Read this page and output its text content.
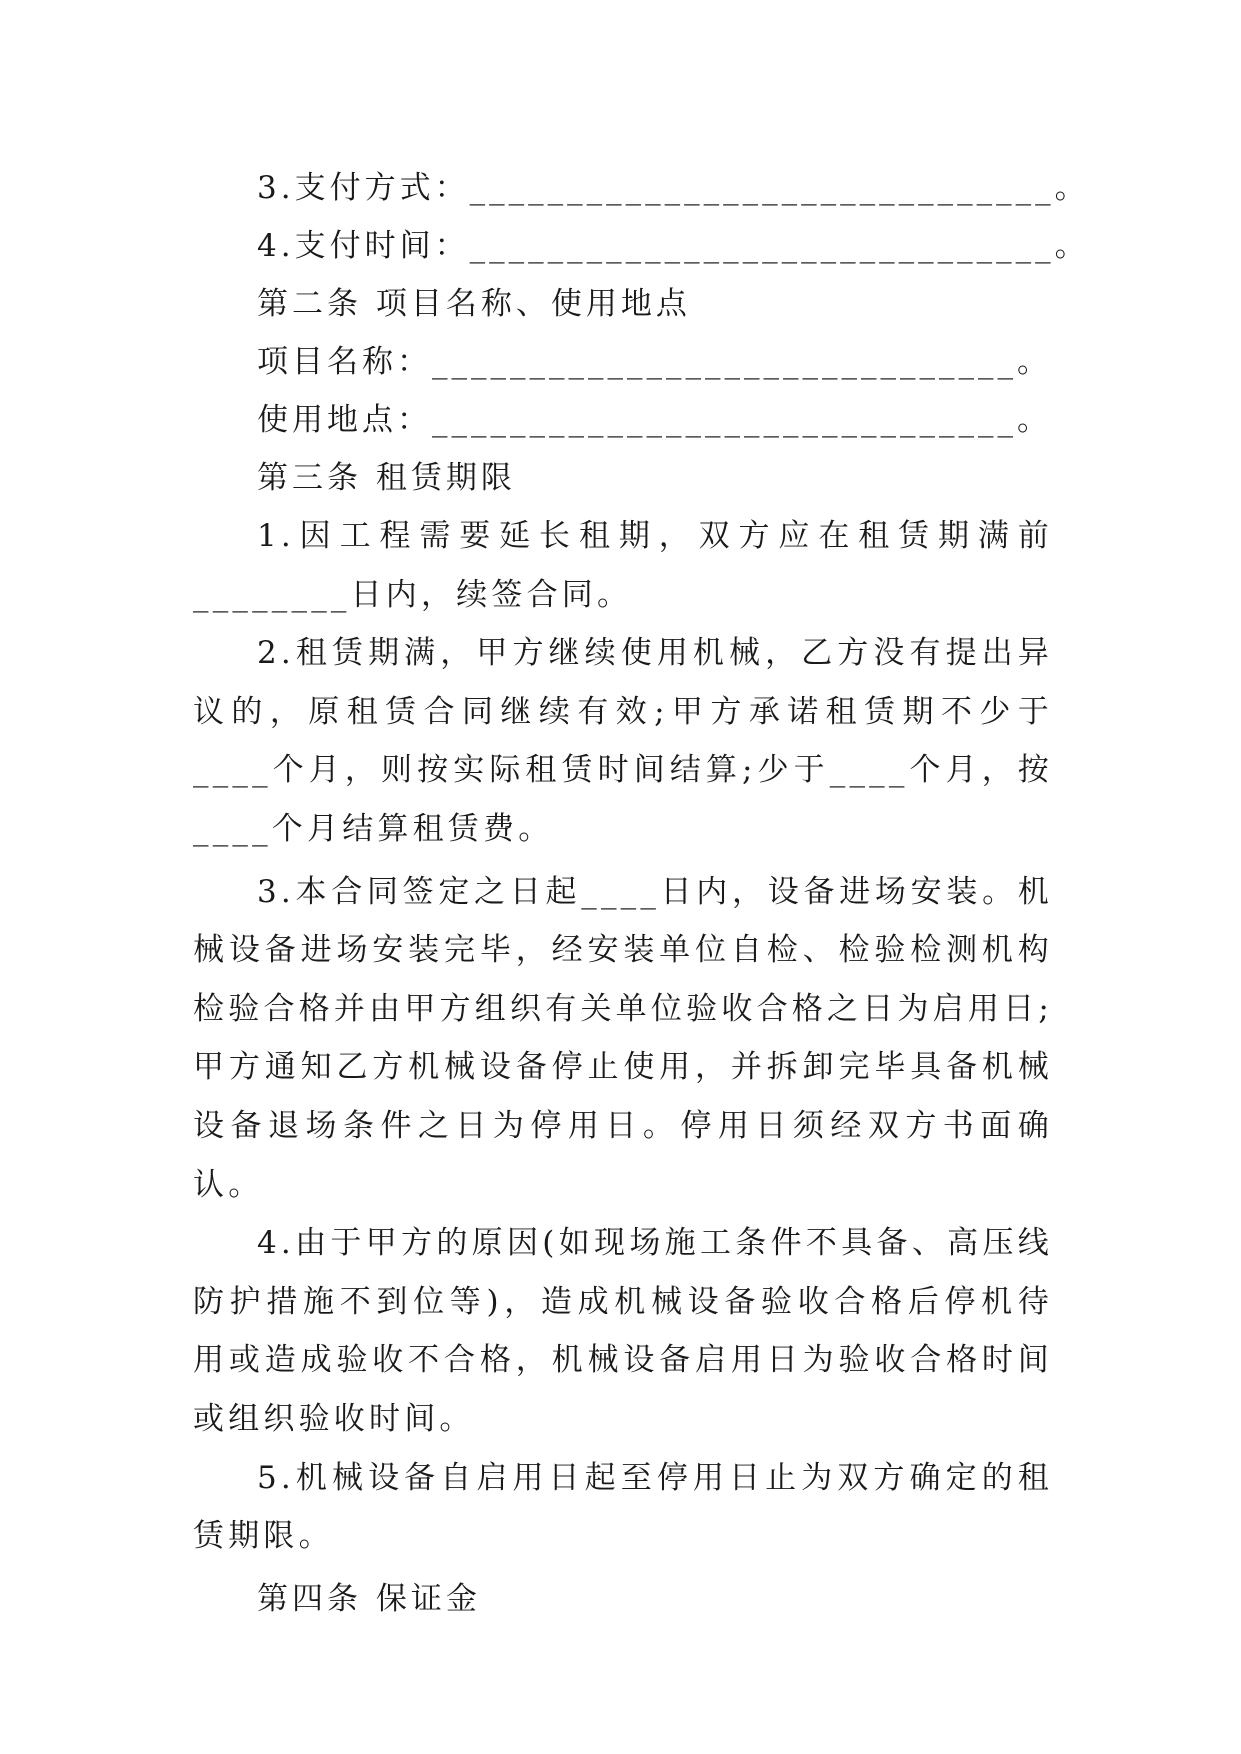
3.支付方式：______________________________。

4.支付时间：______________________________。

第二条 项目名称、使用地点

项目名称：______________________________。

使用地点：______________________________。

第三条 租赁期限

1.因工程需要延长租期，双方应在租赁期满前________日内，续签合同。

2.租赁期满，甲方继续使用机械，乙方没有提出异议的，原租赁合同继续有效;甲方承诺租赁期不少于____个月，则按实际租赁时间结算;少于____个月，按____个月结算租赁费。

3.本合同签定之日起____日内，设备进场安装。机械设备进场安装完毕，经安装单位自检、检验检测机构检验合格并由甲方组织有关单位验收合格之日为启用日;甲方通知乙方机械设备停止使用，并拆卸完毕具备机械设备退场条件之日为停用日。停用日须经双方书面确认。

4.由于甲方的原因(如现场施工条件不具备、高压线防护措施不到位等)，造成机械设备验收合格后停机待用或造成验收不合格，机械设备启用日为验收合格时间或组织验收时间。

5.机械设备自启用日起至停用日止为双方确定的租赁期限。

第四条 保证金
